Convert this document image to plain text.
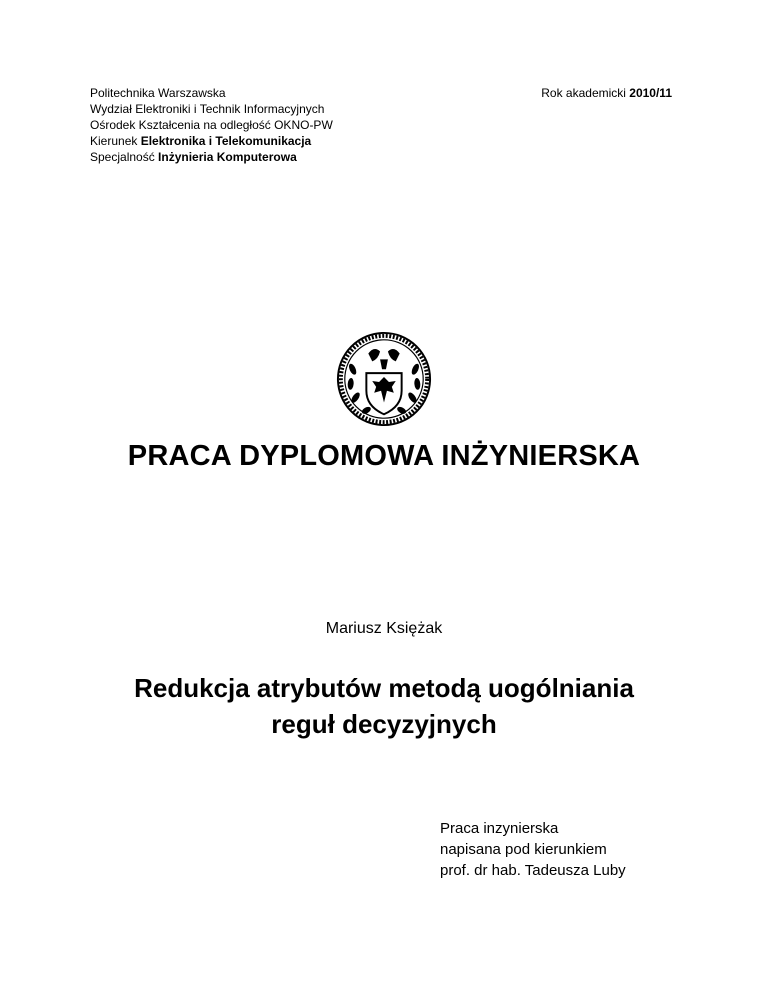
Politechnika Warszawska
Wydział Elektroniki i Technik Informacyjnych
Ośrodek Kształcenia na odległość OKNO-PW
Kierunek Elektronika i Telekomunikacja
Specjalność Inżynieria Komputerowa
Rok akademicki 2010/11
PRACA DYPLOMOWA INŻYNIERSKA
Mariusz Księżak
Redukcja atrybutów metodą uogólniania
reguł decyzyjnych
Praca inzynierska
napisana pod kierunkiem
prof. dr hab. Tadeusza Luby
